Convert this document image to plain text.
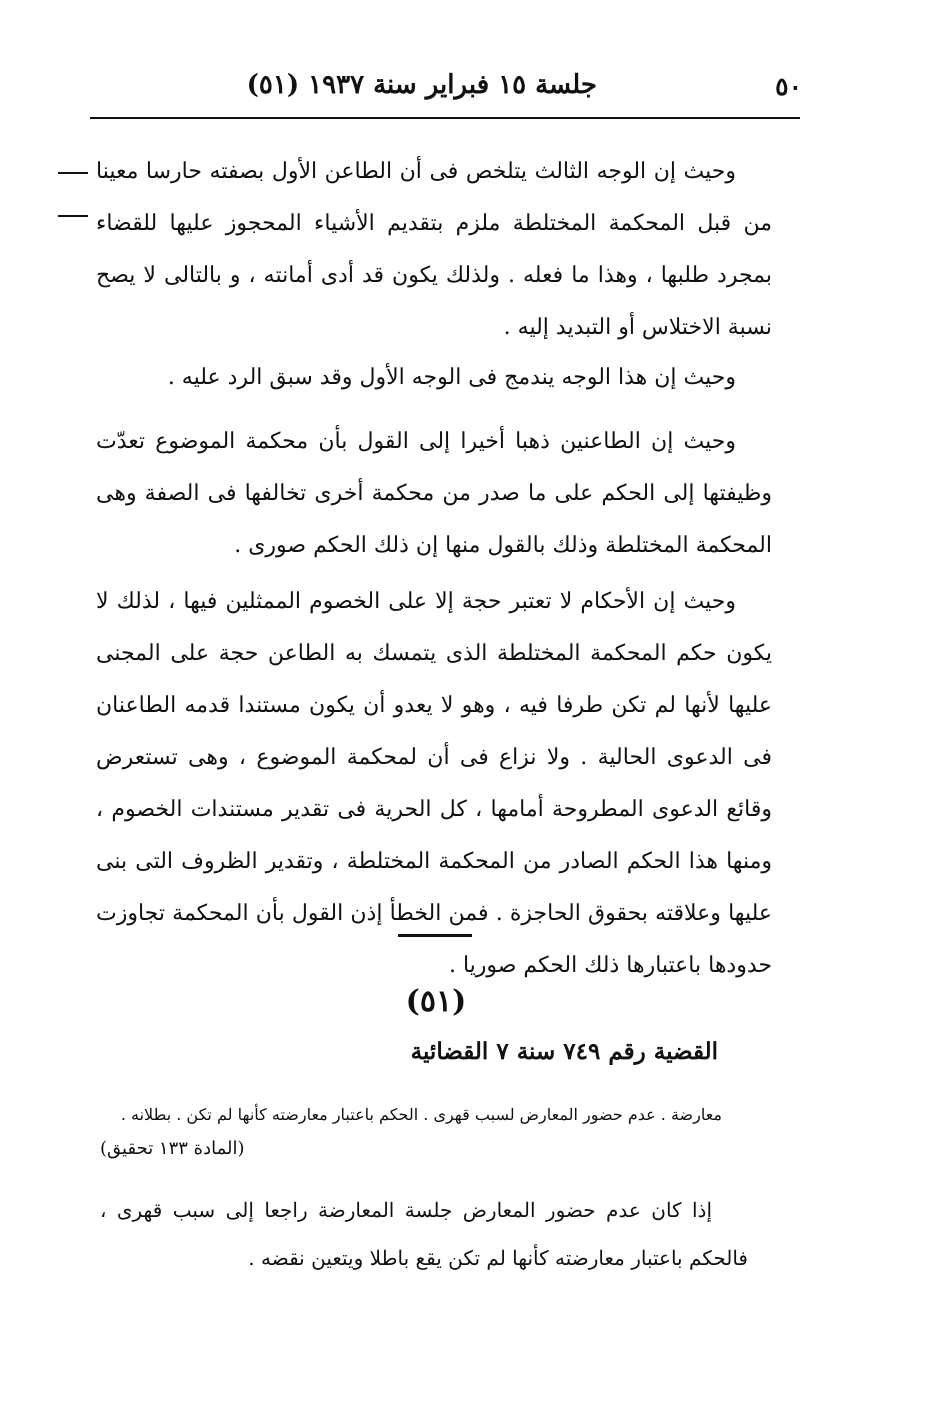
٥٠
جلسة ١٥ فبراير سنة ١٩٣٧ (٥١)

وحيث إن الوجه الثالث يتلخص فى أن الطاعن الأول بصفته حارسا معينا من قبل المحكمة المختلطة ملزم بتقديم الأشياء المحجوز عليها للقضاء بمجرد طلبها ، وهذا ما فعله . ولذلك يكون قد أدى أمانته ، و بالتالى لا يصح نسبة الاختلاس أو التبديد إليه .

وحيث إن هذا الوجه يندمج فى الوجه الأول وقد سبق الرد عليه .

وحيث إن الطاعنين ذهبا أخيرا إلى القول بأن محكمة الموضوع تعدّت وظيفتها إلى الحكم على ما صدر من محكمة أخرى تخالفها فى الصفة وهى المحكمة المختلطة وذلك بالقول منها إن ذلك الحكم صورى .

وحيث إن الأحكام لا تعتبر حجة إلا على الخصوم الممثلين فيها ، لذلك لا يكون حكم المحكمة المختلطة الذى يتمسك به الطاعن حجة على المجنى عليها لأنها لم تكن طرفا فيه ، وهو لا يعدو أن يكون مستندا قدمه الطاعنان فى الدعوى الحالية . ولا نزاع فى أن لمحكمة الموضوع ، وهى تستعرض وقائع الدعوى المطروحة أمامها ، كل الحرية فى تقدير مستندات الخصوم ، ومنها هذا الحكم الصادر من المحكمة المختلطة ، وتقدير الظروف التى بنى عليها وعلاقته بحقوق الحاجزة . فمن الخطأ إذن القول بأن المحكمة تجاوزت حدودها باعتبارها ذلك الحكم صوريا .

(٥١)
القضية رقم ٧٤٩ سنة ٧ القضائية
معارضة . عدم حضور المعارض لسبب قهرى . الحكم باعتبار معارضته كأنها لم تكن . بطلانه .
(المادة ١٣٣ تحقيق)

إذا كان عدم حضور المعارض جلسة المعارضة راجعا إلى سبب قهرى ، فالحكم باعتبار معارضته كأنها لم تكن يقع باطلا ويتعين نقضه .
